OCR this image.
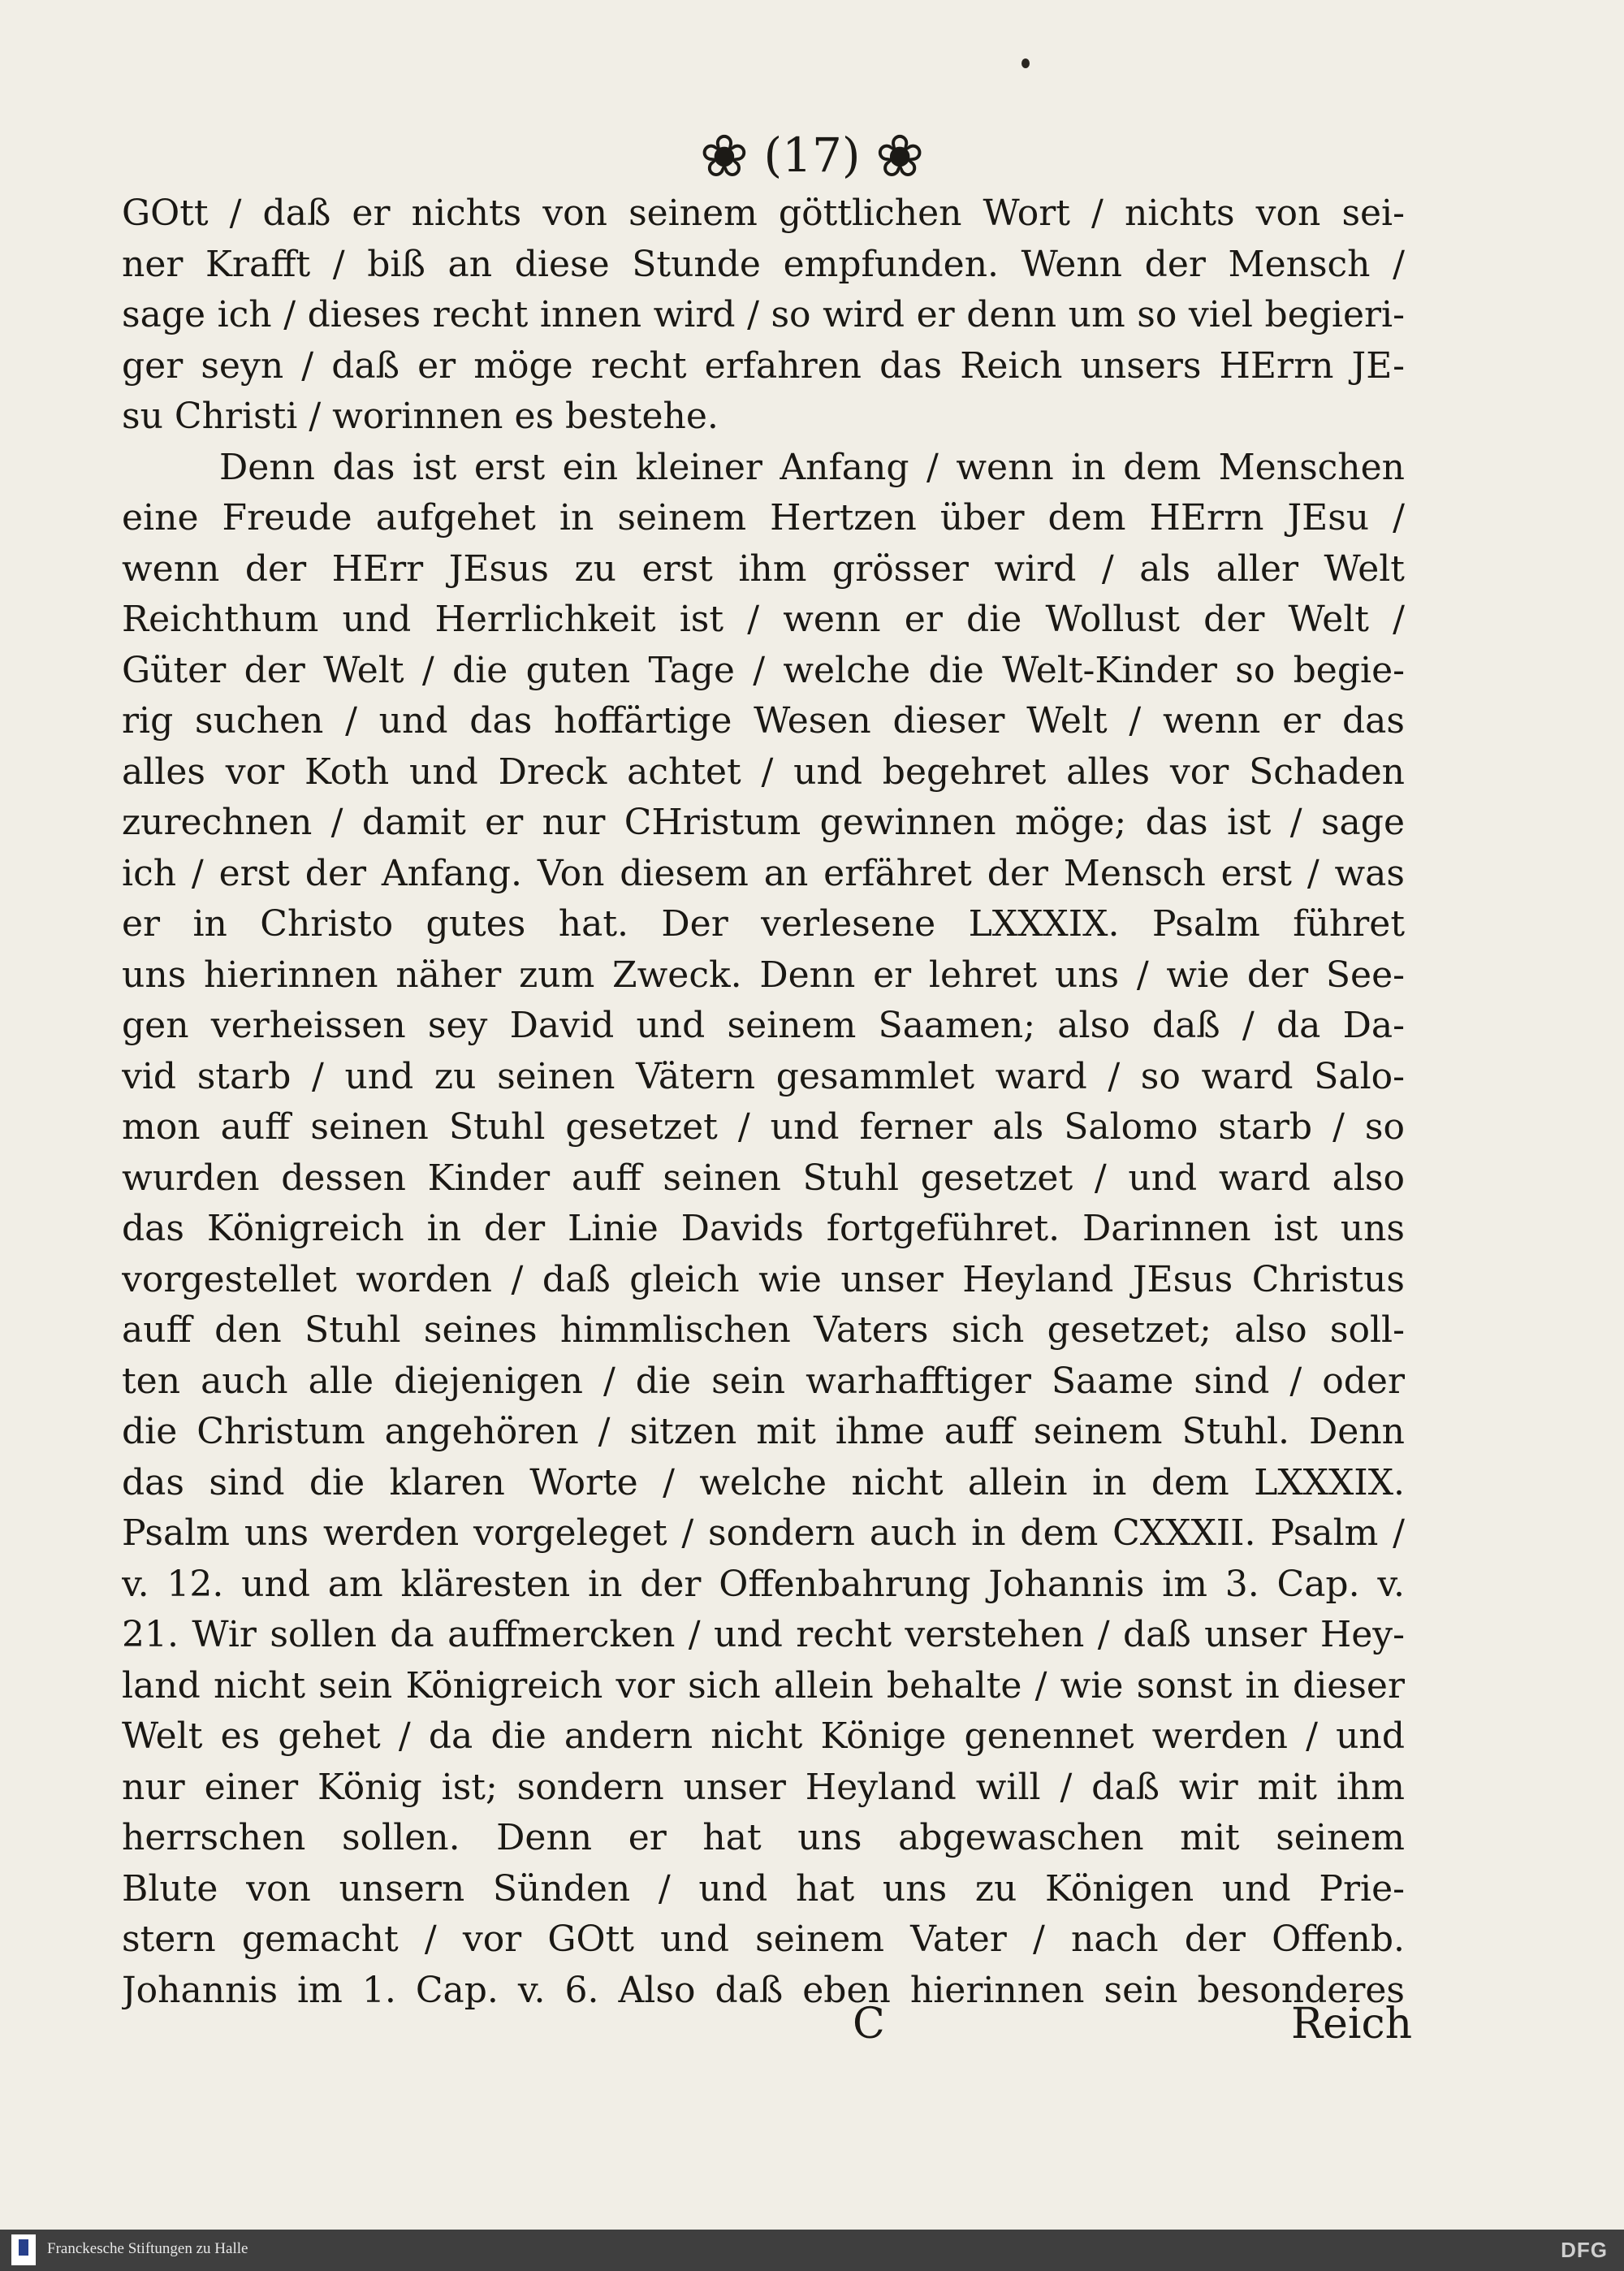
❀ (17) ❀
GOtt / daß er nichts von seinem göttlichen Wort / nichts von sei-
ner Krafft / biß an diese Stunde empfunden. Wenn der Mensch /
sage ich / dieses recht innen wird / so wird er denn um so viel begieri-
ger seyn / daß er möge recht erfahren das Reich unsers HErrn JE-
su Christi / worinnen es bestehe.
Denn das ist erst ein kleiner Anfang / wenn in dem Menschen
eine Freude aufgehet in seinem Hertzen über dem HErrn JEsu /
wenn der HErr JEsus zu erst ihm grösser wird / als aller Welt
Reichthum und Herrlichkeit ist / wenn er die Wollust der Welt /
Güter der Welt / die guten Tage / welche die Welt-Kinder so begie-
rig suchen / und das hoffärtige Wesen dieser Welt / wenn er das
alles vor Koth und Dreck achtet / und begehret alles vor Schaden
zurechnen / damit er nur CHristum gewinnen möge; das ist / sage
ich / erst der Anfang. Von diesem an erfähret der Mensch erst / was
er in Christo gutes hat. Der verlesene LXXXIX. Psalm führet
uns hierinnen näher zum Zweck. Denn er lehret uns / wie der See-
gen verheissen sey David und seinem Saamen; also daß / da Da-
vid starb / und zu seinen Vätern gesammlet ward / so ward Salo-
mon auff seinen Stuhl gesetzet / und ferner als Salomo starb / so
wurden dessen Kinder auff seinen Stuhl gesetzet / und ward also
das Königreich in der Linie Davids fortgeführet. Darinnen ist uns
vorgestellet worden / daß gleich wie unser Heyland JEsus Christus
auff den Stuhl seines himmlischen Vaters sich gesetzet; also soll-
ten auch alle diejenigen / die sein warhafftiger Saame sind / oder
die Christum angehören / sitzen mit ihme auff seinem Stuhl. Denn
das sind die klaren Worte / welche nicht allein in dem LXXXIX.
Psalm uns werden vorgeleget / sondern auch in dem CXXXII. Psalm /
v. 12. und am kläresten in der Offenbahrung Johannis im 3. Cap. v.
21. Wir sollen da auffmercken / und recht verstehen / daß unser Hey-
land nicht sein Königreich vor sich allein behalte / wie sonst in dieser
Welt es gehet / da die andern nicht Könige genennet werden / und
nur einer König ist; sondern unser Heyland will / daß wir mit ihm
herrschen sollen. Denn er hat uns abgewaschen mit seinem
Blute von unsern Sünden / und hat uns zu Königen und Prie-
stern gemacht / vor GOtt und seinem Vater / nach der Offenb.
Johannis im 1. Cap. v. 6. Also daß eben hierinnen sein besonderes
C	Reich
Franckesche Stiftungen zu Halle	DFG
